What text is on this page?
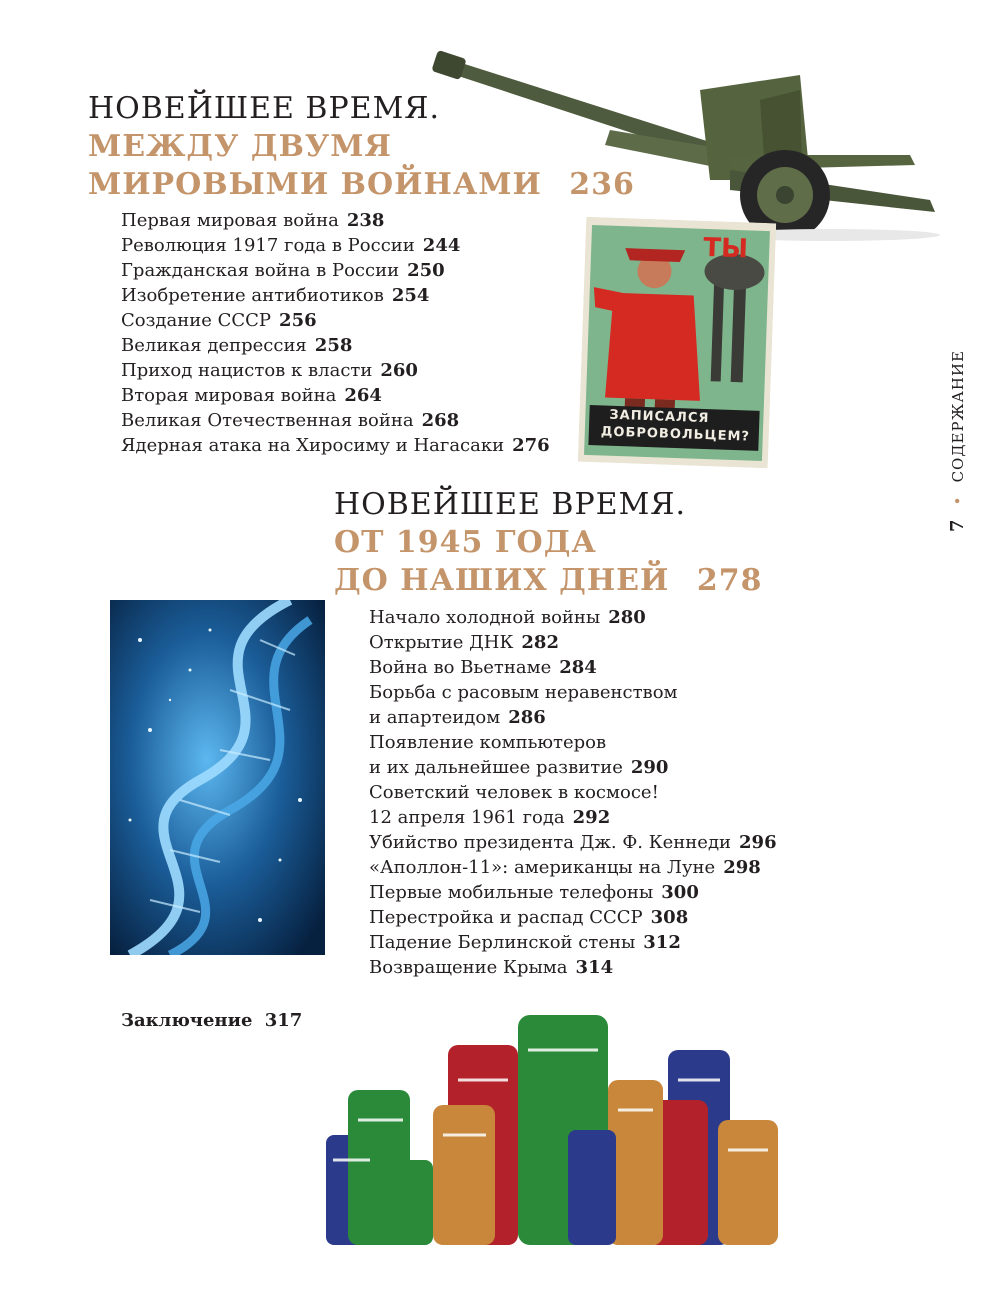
НОВЕЙШЕЕ ВРЕМЯ.
МЕЖДУ ДВУМЯ
МИРОВЫМИ ВОЙНАМИ 236
Первая мировая война 238
Революция 1917 года в России 244
Гражданская война в России 250
Изобретение антибиотиков 254
Создание СССР 256
Великая депрессия 258
Приход нацистов к власти 260
Вторая мировая война 264
Великая Отечественная война 268
Ядерная атака на Хиросиму и Нагасаки 276
ТЫ
ЗАПИСАЛСЯ
ДОБРОВОЛЬЦЕМ?
НОВЕЙШЕЕ ВРЕМЯ.
ОТ 1945 ГОДА
ДО НАШИХ ДНЕЙ 278
Начало холодной войны 280
Открытие ДНК 282
Война во Вьетнаме 284
Борьба с расовым неравенством
и апартеидом 286
Появление компьютеров
и их дальнейшее развитие 290
Советский человек в космосе!
12 апреля 1961 года 292
Убийство президента Дж. Ф. Кеннеди 296
«Аполлон-11»: американцы на Луне 298
Первые мобильные телефоны 300
Перестройка и распад СССР 308
Падение Берлинской стены 312
Возвращение Крыма 314
Заключение 317
7 • СОДЕРЖАНИЕ
